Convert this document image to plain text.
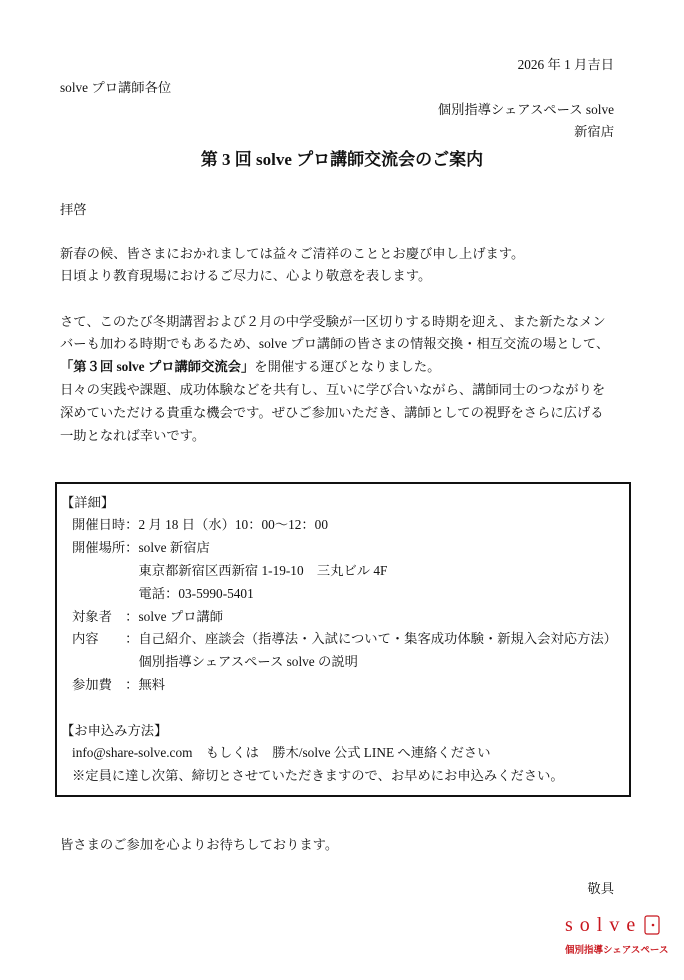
2026 年 1 月吉日
solve プロ講師各位
個別指導シェアスペース solve
新宿店
第 3 回 solve プロ講師交流会のご案内
拝啓
新春の候、皆さまにおかれましては益々ご清祥のこととお慶び申し上げます。
日頃より教育現場におけるご尽力に、心より敬意を表します。
さて、このたび冬期講習および２月の中学受験が一区切りする時期を迎え、また新たなメン
バーも加わる時期でもあるため、solve プロ講師の皆さまの情報交換・相互交流の場として、
「第３回 solve プロ講師交流会」を開催する運びとなりました。
日々の実践や課題、成功体験などを共有し、互いに学び合いながら、講師同士のつながりを
深めていただける貴重な機会です。ぜひご参加いただき、講師としての視野をさらに広げる
一助となれば幸いです。
【詳細】
開催日時：2 月 18 日（水）10：00〜12：00
開催場所：solve 新宿店
東京都新宿区西新宿 1-19-10　三丸ビル 4F
電話：03-5990-5401
対象者　：solve プロ講師
内容　　：自己紹介、座談会（指導法・入試について・集客成功体験・新規入会対応方法）
個別指導シェアスペース solve の説明
参加費　：無料
【お申込み方法】
info@share-solve.com　もしくは　勝木/solve 公式 LINE へ連絡ください
※定員に達し次第、締切とさせていただきますので、お早めにお申込みください。
皆さまのご参加を心よりお待ちしております。
敬具
solve
個別指導シェアスペース
